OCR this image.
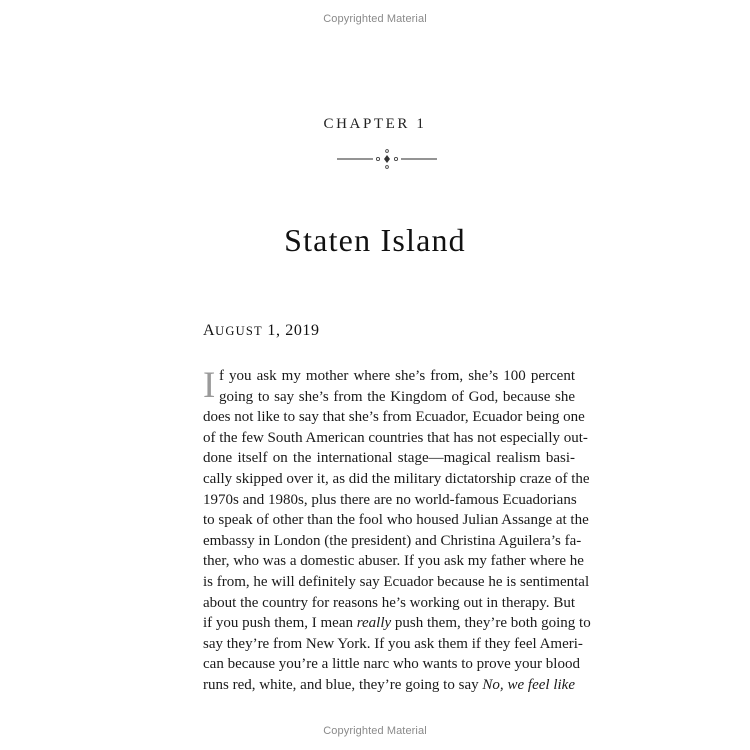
Copyrighted Material
CHAPTER 1
Staten Island
AUGUST 1, 2019
I f you ask my mother where she’s from, she’s 100 percent
going to say she’s from the Kingdom of God, because she
does not like to say that she’s from Ecuador, Ecuador being one
of the few South American countries that has not especially out-
done itself on the international stage—magical realism basi-
cally skipped over it, as did the military dictatorship craze of the
1970s and 1980s, plus there are no world-famous Ecuadorians
to speak of other than the fool who housed Julian Assange at the
embassy in London (the president) and Christina Aguilera’s fa-
ther, who was a domestic abuser. If you ask my father where he
is from, he will definitely say Ecuador because he is sentimental
about the country for reasons he’s working out in therapy. But
if you push them, I mean really push them, they’re both going to
say they’re from New York. If you ask them if they feel Ameri-
can because you’re a little narc who wants to prove your blood
runs red, white, and blue, they’re going to say No, we feel like
Copyrighted Material
